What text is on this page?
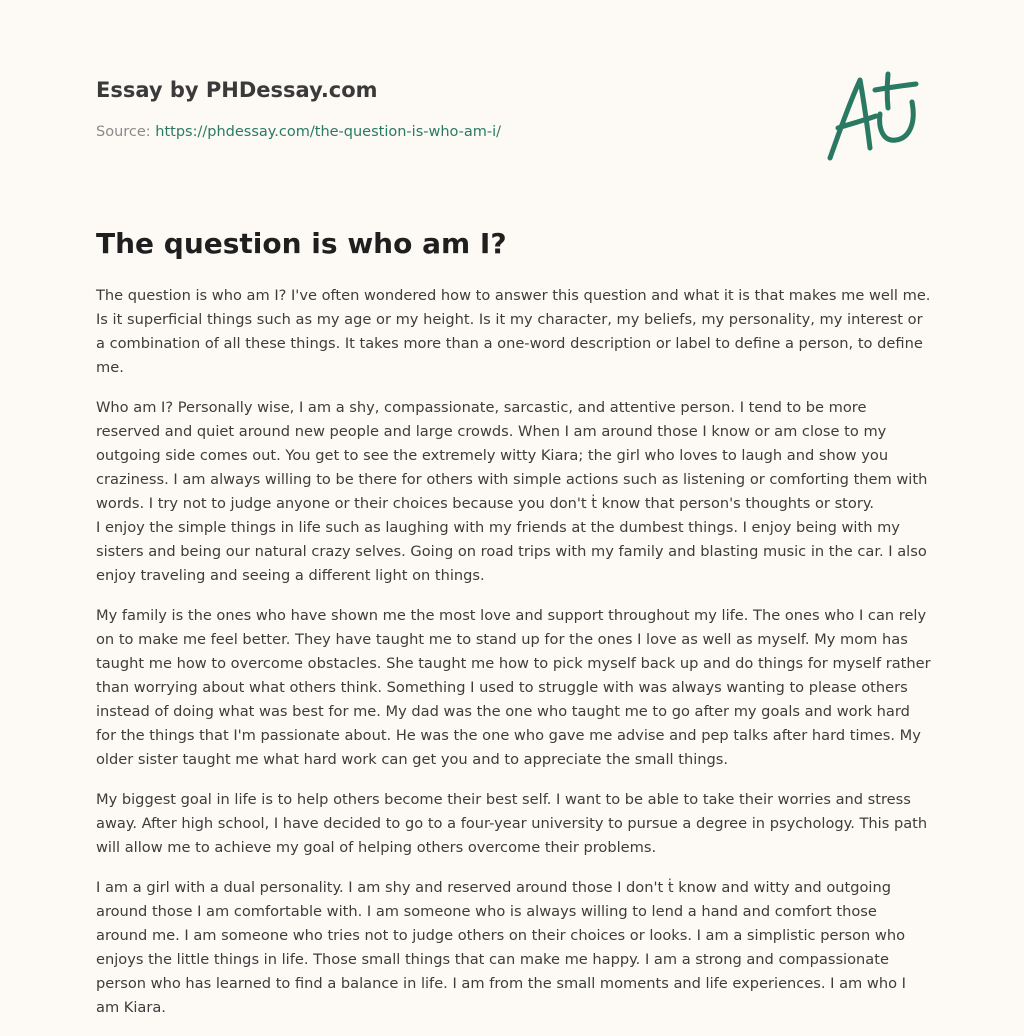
Essay by PHDessay.com
Source: https://phdessay.com/the-question-is-who-am-i/
The question is who am I?

The question is who am I? I've often wondered how to answer this question and what it is that makes me well me. Is it superficial things such as my age or my height. Is it my character, my beliefs, my personality, my interest or a combination of all these things. It takes more than a one-word description or label to define a person, to define me.

Who am I? Personally wise, I am a shy, compassionate, sarcastic, and attentive person. I tend to be more reserved and quiet around new people and large crowds. When I am around those I know or am close to my outgoing side comes out. You get to see the extremely witty Kiara; the girl who loves to laugh and show you craziness. I am always willing to be there for others with simple actions such as listening or comforting them with words. I try not to judge anyone or their choices because you don't ṫ know that person's thoughts or story.

I enjoy the simple things in life such as laughing with my friends at the dumbest things. I enjoy being with my sisters and being our natural crazy selves. Going on road trips with my family and blasting music in the car. I also enjoy traveling and seeing a different light on things.

My family is the ones who have shown me the most love and support throughout my life. The ones who I can rely on to make me feel better. They have taught me to stand up for the ones I love as well as myself. My mom has taught me how to overcome obstacles. She taught me how to pick myself back up and do things for myself rather than worrying about what others think. Something I used to struggle with was always wanting to please others instead of doing what was best for me. My dad was the one who taught me to go after my goals and work hard for the things that I'm passionate about. He was the one who gave me advise and pep talks after hard times. My older sister taught me what hard work can get you and to appreciate the small things.

My biggest goal in life is to help others become their best self. I want to be able to take their worries and stress away. After high school, I have decided to go to a four-year university to pursue a degree in psychology. This path will allow me to achieve my goal of helping others overcome their problems.

I am a girl with a dual personality. I am shy and reserved around those I don't ṫ know and witty and outgoing around those I am comfortable with. I am someone who is always willing to lend a hand and comfort those around me. I am someone who tries not to judge others on their choices or looks. I am a simplistic person who enjoys the little things in life. Those small things that can make me happy. I am a strong and compassionate person who has learned to find a balance in life. I am from the small moments and life experiences. I am who I am Kiara.
